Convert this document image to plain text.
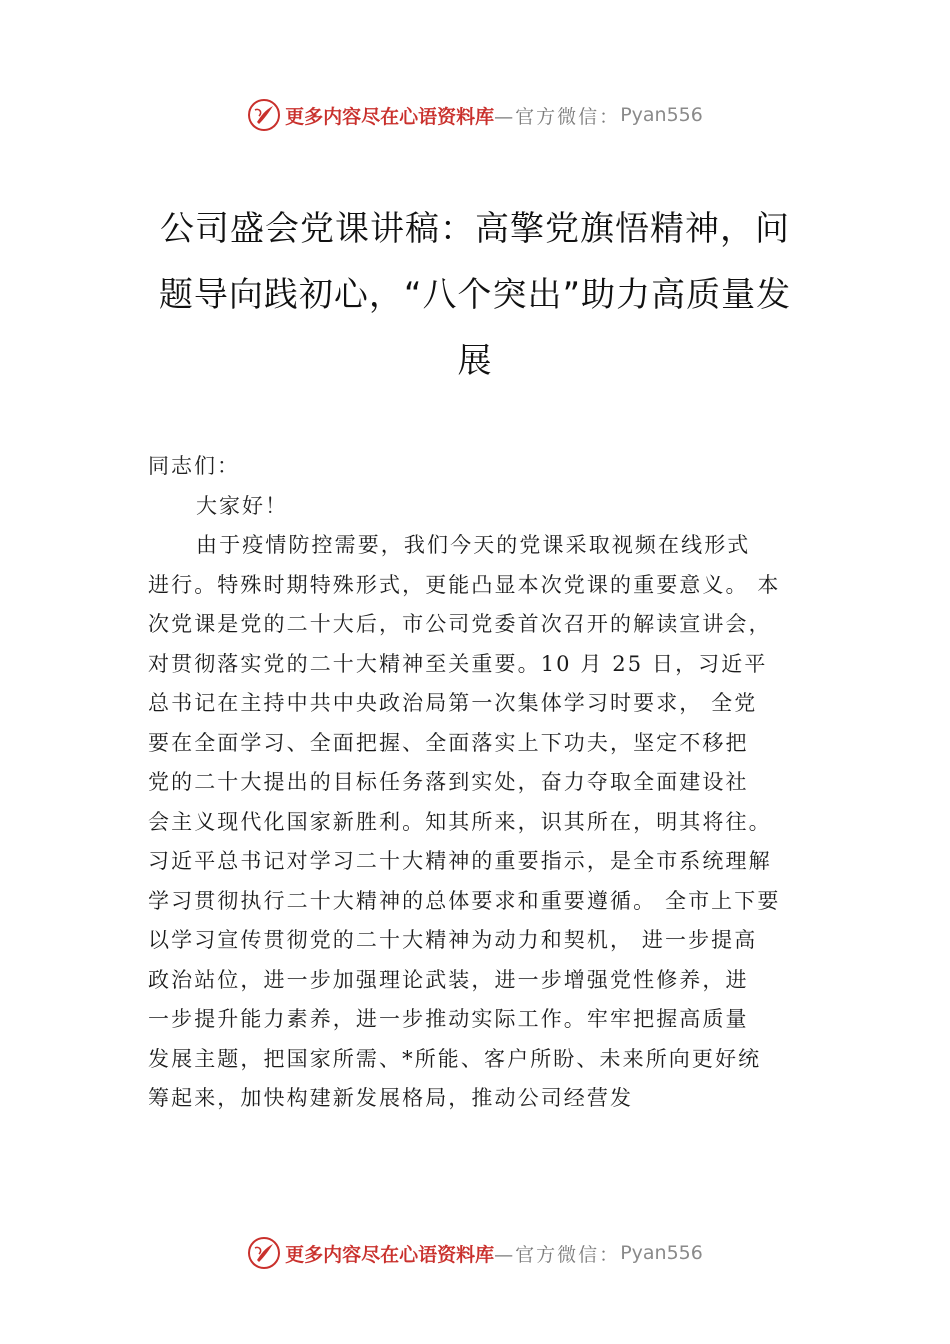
更多内容尽在心语资料库 —官方微信： Pyan556
公司盛会党课讲稿：高擎党旗悟精神，问题导向践初心，“八个突出”助力高质量发展

同志们：

大家好！

由于疫情防控需要，我们今天的党课采取视频在线形式
进行。特殊时期特殊形式，更能凸显本次党课的重要意义。 本
次党课是党的二十大后，市公司党委首次召开的解读宣讲会，
对贯彻落实党的二十大精神至关重要。10 月 25 日，习近平
总书记在主持中共中央政治局第一次集体学习时要求， 全党
要在全面学习、全面把握、全面落实上下功夫，坚定不移把
党的二十大提出的目标任务落到实处，奋力夺取全面建设社
会主义现代化国家新胜利。知其所来，识其所在，明其将往。
习近平总书记对学习二十大精神的重要指示，是全市系统理解
学习贯彻执行二十大精神的总体要求和重要遵循。 全市上下要
以学习宣传贯彻党的二十大精神为动力和契机， 进一步提高
政治站位，进一步加强理论武装，进一步增强党性修养，进
一步提升能力素养，进一步推动实际工作。牢牢把握高质量
发展主题，把国家所需、*所能、客户所盼、未来所向更好统
筹起来，加快构建新发展格局，推动公司经营发
更多内容尽在心语资料库 —官方微信： Pyan556
